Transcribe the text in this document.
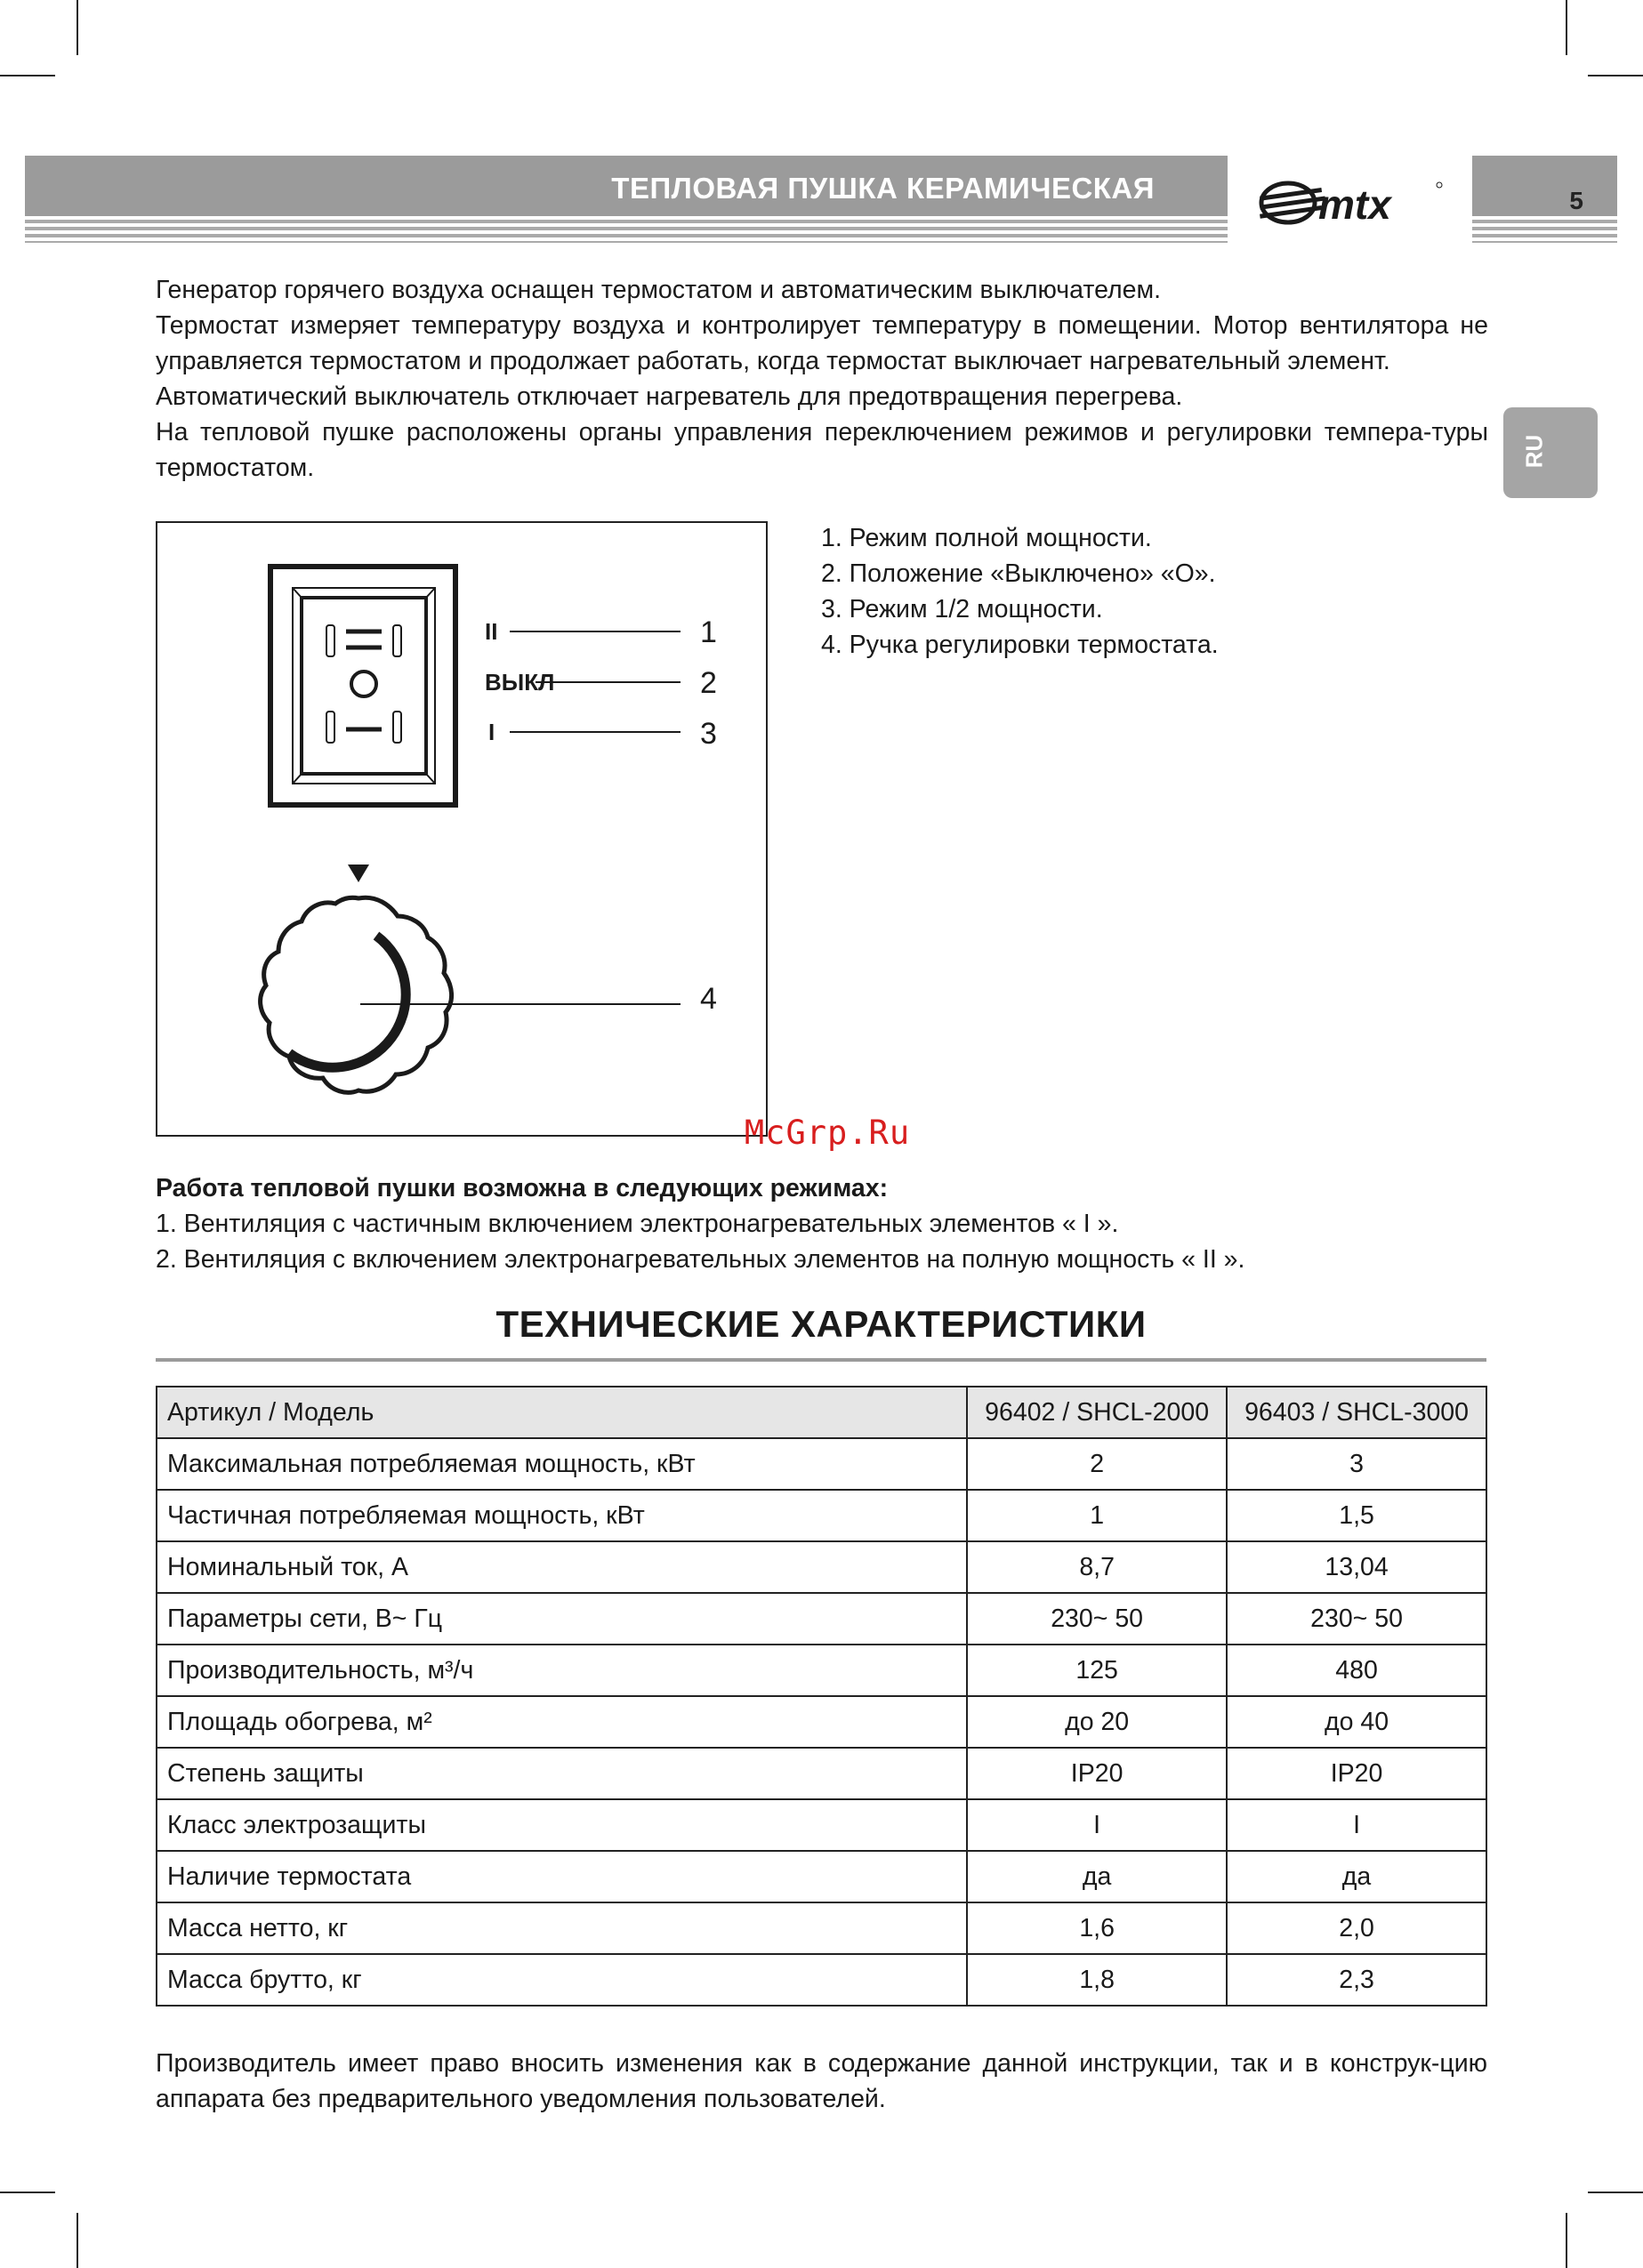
ТЕПЛОВАЯ ПУШКА КЕРАМИЧЕСКАЯ	mtx	5
RU

Генератор горячего воздуха оснащен термостатом и автоматическим выключателем.

Термостат измеряет температуру воздуха и контролирует температуру в помещении. Мотор вентилятора не управляется термостатом и продолжает работать, когда термостат выключает нагревательный элемент.

Автоматический выключатель отключает нагреватель для предотвращения перегрева.

На тепловой пушке расположены органы управления переключением режимов и регулировки темпера-туры термостатом.

II
ВЫКЛ
I
1
2
3
4
1. Режим полной мощности.
2. Положение «Выключено» «О».
3. Режим 1/2 мощности.
4. Ручка регулировки термостата.
McGrp.Ru
Работа тепловой пушки возможна в следующих режимах:
1. Вентиляция с частичным включением электронагревательных элементов « I ».
2. Вентиляция с включением электронагревательных элементов на полную мощность « II ».
ТЕХНИЧЕСКИЕ ХАРАКТЕРИСТИКИ
Артикул / Модель	96402 / SHCL-2000	96403 / SHCL-3000
Максимальная потребляемая мощность, кВт	2	3
Частичная потребляемая мощность, кВт	1	1,5
Номинальный ток, А	8,7	13,04
Параметры сети, В~ Гц	230~ 50	230~ 50
Производительность, м³/ч	125	480
Площадь обогрева, м²	до 20	до 40
Степень защиты	IP20	IP20
Класс электрозащиты	I	I
Наличие термостата	да	да
Масса нетто, кг	1,6	2,0
Масса брутто, кг	1,8	2,3
Производитель имеет право вносить изменения как в содержание данной инструкции, так и в конструк-цию аппарата без предварительного уведомления пользователей.
